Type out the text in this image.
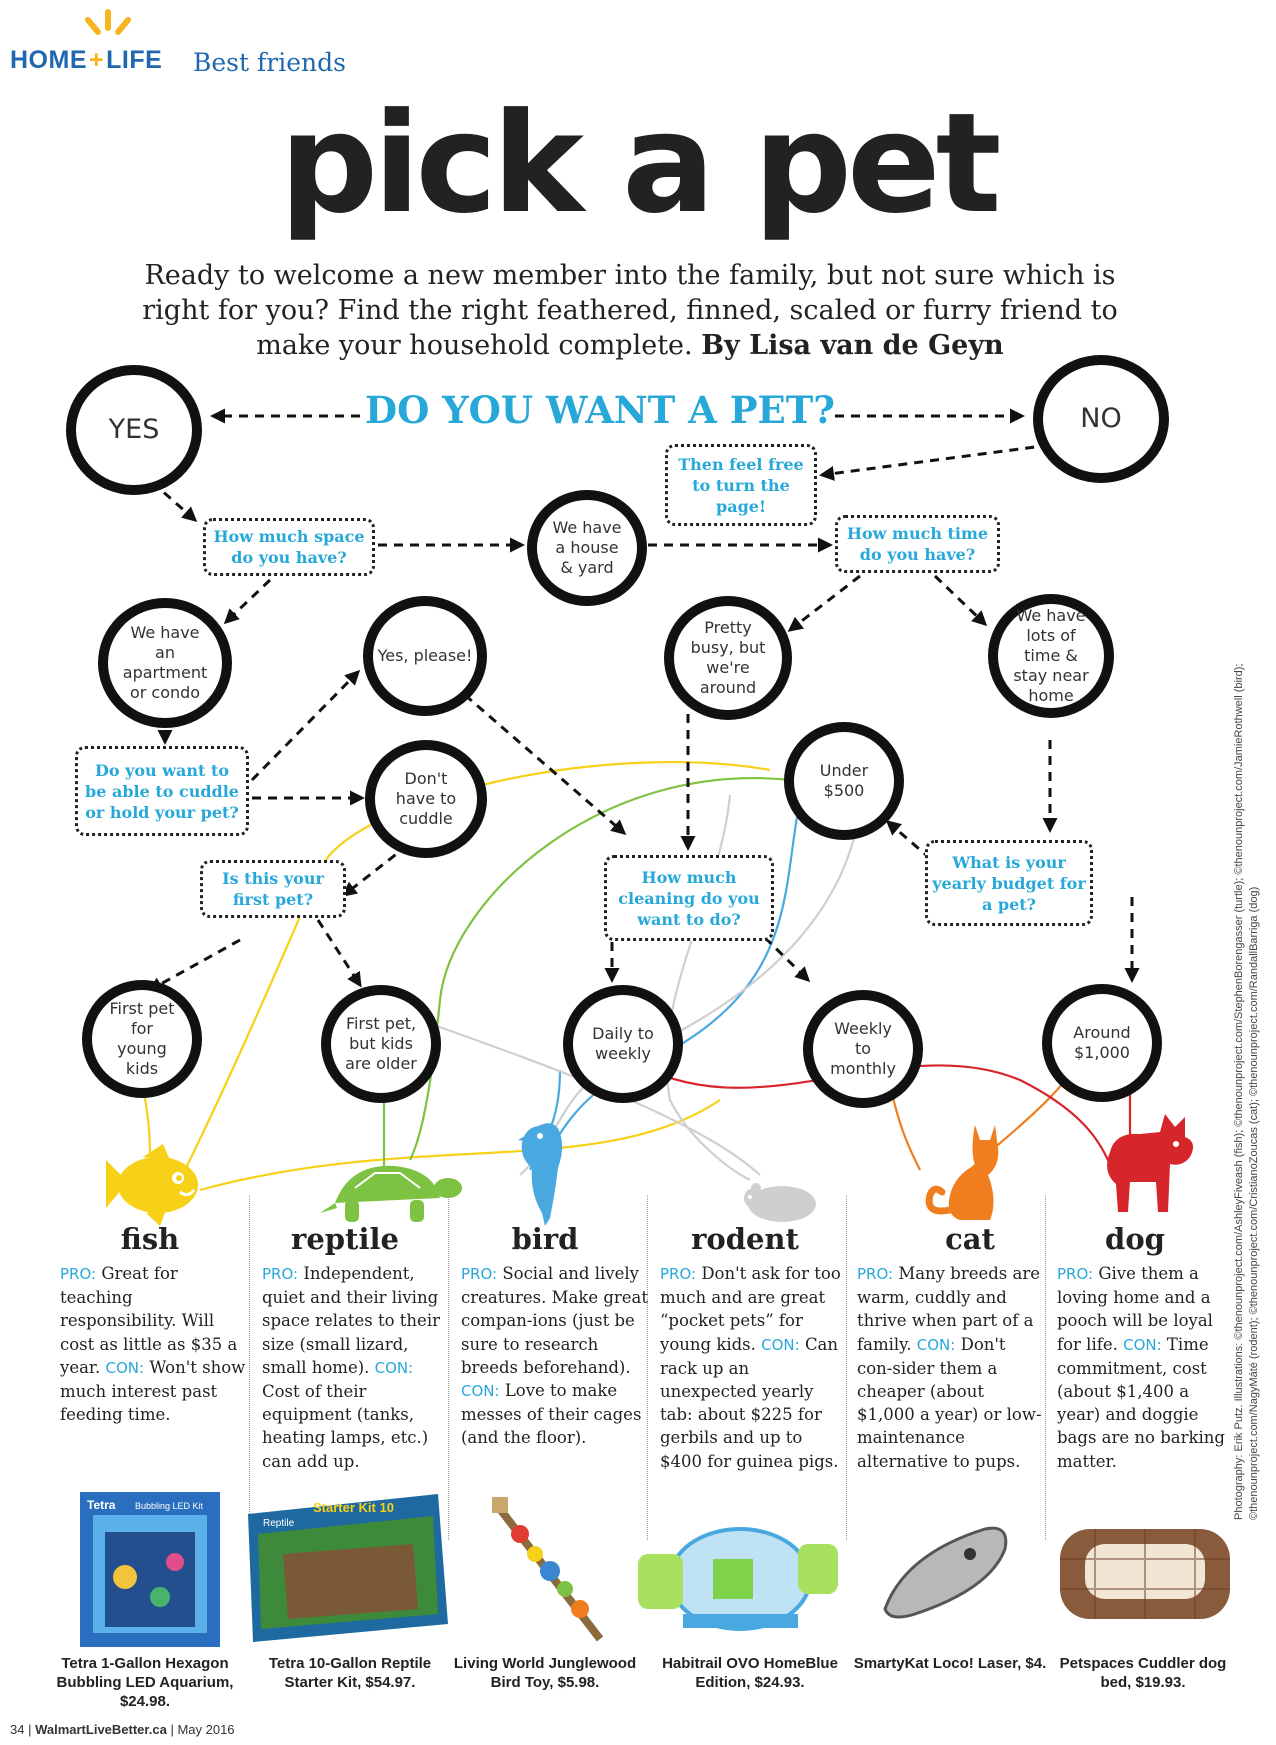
HOME+LIFE Best friends
pick a pet
Ready to welcome a new member into the family, but not sure which is right for you? Find the right feathered, finned, scaled or furry friend to make your household complete. By Lisa van de Geyn
DO YOU WANT A PET?
YES	NO
We have a house & yard
We have an apartment or condo
Yes, please!
Pretty busy, but we're around
We have lots of time & stay near home
Don't have to cuddle
Under $500
First pet for young kids
First pet, but kids are older
Daily to weekly
Weekly to monthly
Around $1,000
Then feel free to turn the page!
How much space do you have?
How much time do you have?
Do you want to be able to cuddle or hold your pet?
Is this your first pet?
How much cleaning do you want to do?
What is your yearly budget for a pet?
fish
PRO: Great for teaching responsibility. Will cost as little as $35 a year. CON: Won't show much interest past feeding time.
reptile
PRO: Independent, quiet and their living space relates to their size (small lizard, small home). CON: Cost of their equipment (tanks, heating lamps, etc.) can add up.
bird
PRO: Social and lively creatures. Make great compan-ions (just be sure to research breeds beforehand). CON: Love to make messes of their cages (and the floor).
rodent
PRO: Don't ask for too much and are great “pocket pets” for young kids. CON: Can rack up an unexpected yearly tab: about $225 for gerbils and up to $400 for guinea pigs.
cat
PRO: Many breeds are warm, cuddly and thrive when part of a family. CON: Don't con-sider them a cheaper (about $1,000 a year) or low-maintenance alternative to pups.
dog
PRO: Give them a loving home and a pooch will be loyal for life. CON: Time commitment, cost (about $1,400 a year) and doggie bags are no barking matter.
Tetra Bubbling LED Kit	Starter Kit 10
Reptile
Tetra 1-Gallon Hexagon Bubbling LED Aquarium, $24.98.
Tetra 10-Gallon Reptile Starter Kit, $54.97.
Living World Junglewood Bird Toy, $5.98.
Habitrail OVO HomeBlue Edition, $24.93.
SmartyKat Loco! Laser, $4. Petspaces Cuddler dog bed, $19.93.
Photography: Erik Putz. Illustrations: ©thenounproject.com/AshleyFiveash (fish); ©thenounproject.com/StephenBorengasser (turtle); ©thenounproject.com/JamieRothwell (bird); ©thenounproject.com/NagyMáté (rodent); ©thenounproject.com/CristianoZoucas (cat); ©thenounproject.com/RandallBarriga (dog)
34 | WalmartLiveBetter.ca | May 2016
